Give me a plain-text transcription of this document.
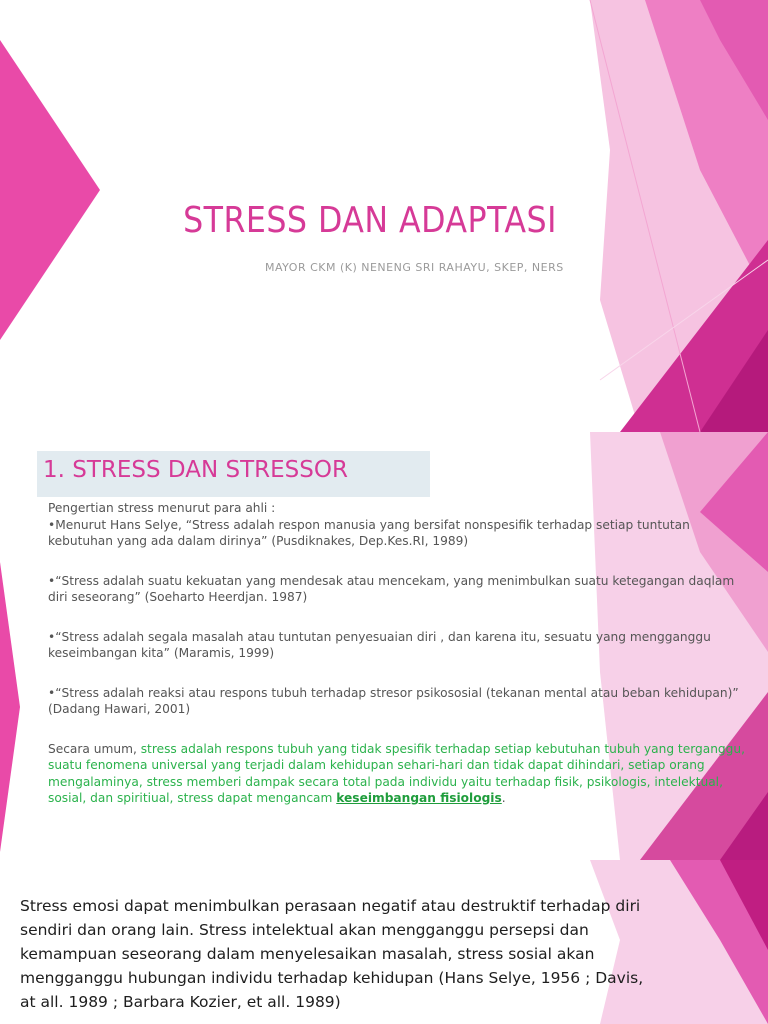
STRESS DAN ADAPTASI

MAYOR CKM (K) NENENG SRI RAHAYU, SKEP, NERS

1. STRESS DAN STRESSOR

Pengertian stress menurut para ahli :

•Menurut Hans Selye, “Stress adalah respon manusia yang bersifat nonspesifik terhadap setiap tuntutan kebutuhan yang ada dalam dirinya” (Pusdiknakes, Dep.Kes.RI, 1989)

•“Stress adalah suatu kekuatan yang mendesak atau mencekam, yang menimbulkan suatu ketegangan daqlam diri seseorang” (Soeharto Heerdjan. 1987)

•“Stress adalah segala masalah atau tuntutan penyesuaian diri , dan karena itu, sesuatu yang mengganggu keseimbangan kita” (Maramis, 1999)

•“Stress adalah reaksi atau respons tubuh terhadap stresor psikososial (tekanan mental atau beban kehidupan)” (Dadang Hawari, 2001)

Secara umum, stress adalah respons tubuh yang tidak spesifik terhadap setiap kebutuhan tubuh yang terganggu, suatu fenomena universal yang terjadi dalam kehidupan sehari-hari dan tidak dapat dihindari, setiap orang mengalaminya, stress memberi dampak secara total pada individu yaitu terhadap fisik, psikologis, intelektual, sosial, dan spiritiual, stress dapat mengancam keseimbangan fisiologis.

Stress emosi dapat menimbulkan perasaan negatif atau destruktif terhadap diri sendiri dan orang lain. Stress intelektual akan mengganggu persepsi dan kemampuan seseorang dalam menyelesaikan masalah, stress sosial akan mengganggu hubungan individu terhadap kehidupan (Hans Selye, 1956 ; Davis, at all. 1989 ; Barbara Kozier, et all. 1989)
